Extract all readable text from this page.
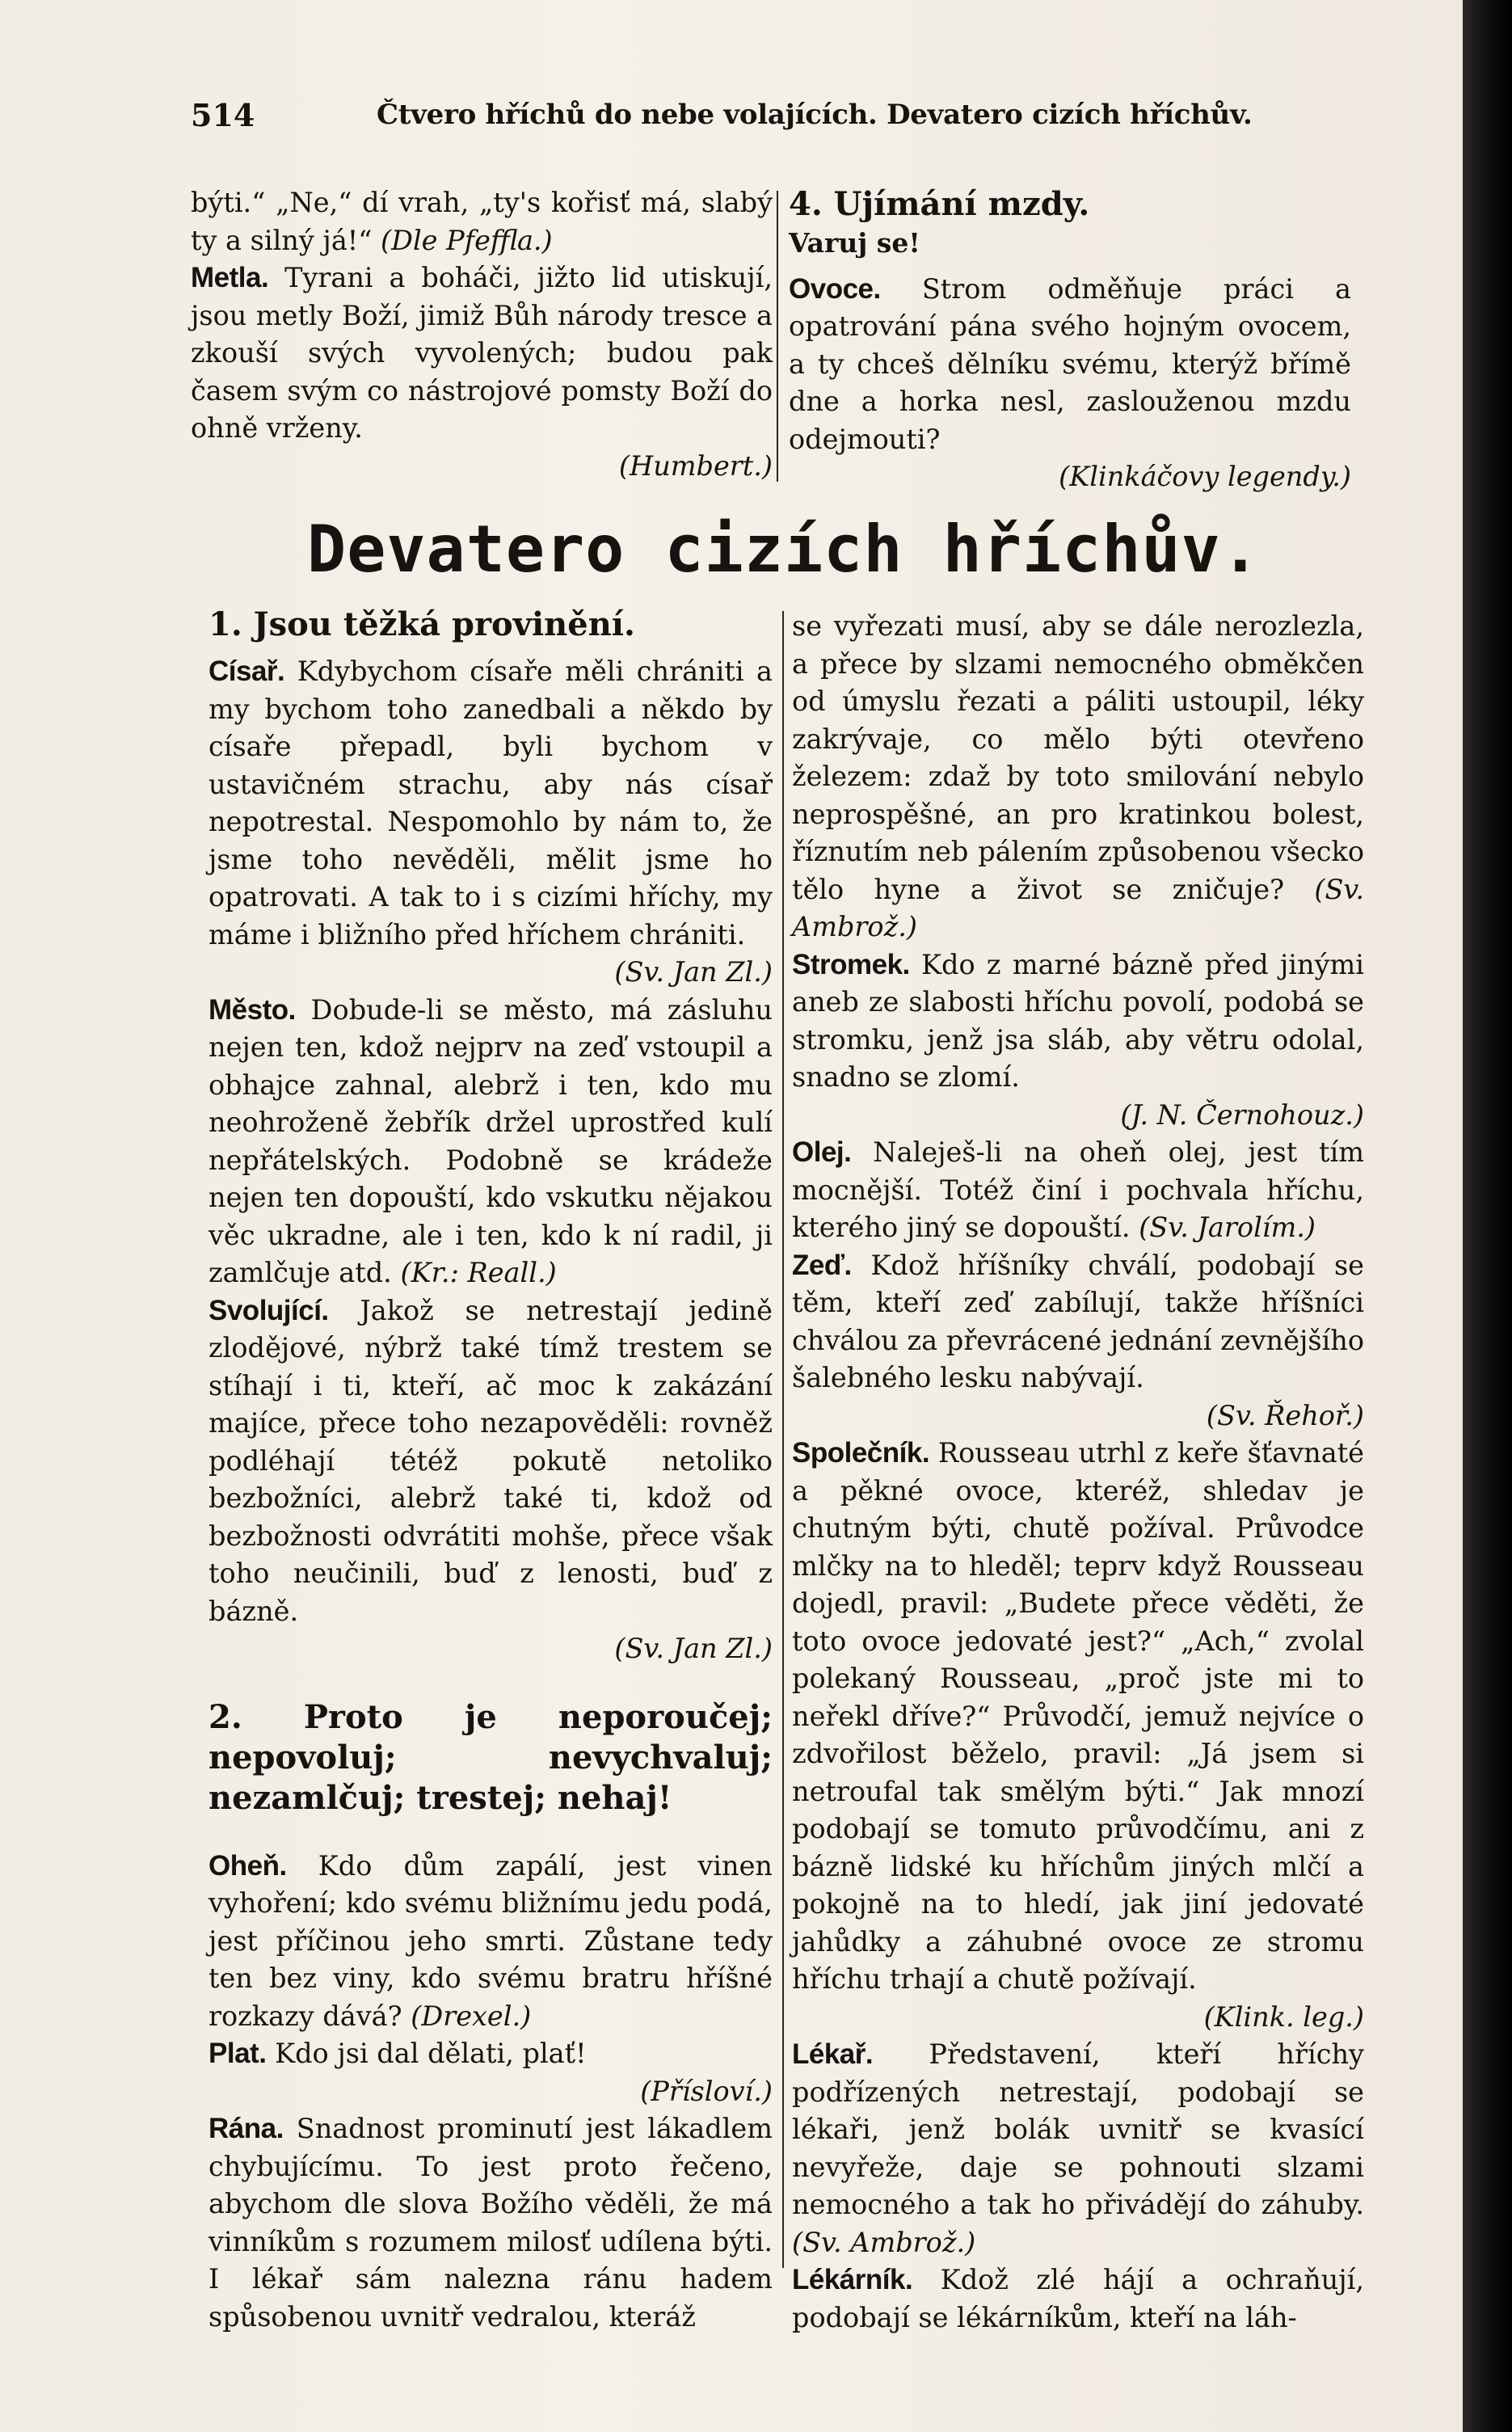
514	Čtvero hříchů do nebe volajících. Devatero cizích hříchův.

býti.“ „Ne,“ dí vrah, „ty's kořisť má, slabý ty a silný já!“ (Dle Pfeffla.)

Metla. Tyrani a boháči, jižto lid utiskují, jsou metly Boží, jimiž Bůh národy tresce a zkouší svých vyvolených; budou pak časem svým co nástrojové pomsty Boží do ohně vrženy.

(Humbert.)

4. Ujímání mzdy.

Varuj se!

Ovoce. Strom odměňuje práci a opatrování pána svého hojným ovocem, a ty chceš dělníku svému, kterýž břímě dne a horka nesl, zaslouženou mzdu odejmouti?

(Klinkáčovy legendy.)

Devatero cizích hříchův.

1. Jsou těžká provinění.

Císař. Kdybychom císaře měli chrániti a my bychom toho zanedbali a někdo by císaře přepadl, byli bychom v ustavičném strachu, aby nás císař nepotrestal. Nespomohlo by nám to, že jsme toho nevěděli, mělit jsme ho opatrovati. A tak to i s cizími hříchy, my máme i bližního před hříchem chrániti.

(Sv. Jan Zl.)

Město. Dobude-li se město, má zásluhu nejen ten, kdož nejprv na zeď vstoupil a obhajce zahnal, alebrž i ten, kdo mu neohroženě žebřík držel uprostřed kulí nepřátelských. Podobně se krádeže nejen ten dopouští, kdo vskutku nějakou věc ukradne, ale i ten, kdo k ní radil, ji zamlčuje atd. (Kr.: Reall.)

Svolující. Jakož se netrestají jedině zlodějové, nýbrž také tímž trestem se stíhají i ti, kteří, ač moc k zakázání majíce, přece toho nezapověděli: rovněž podléhají tétéž pokutě netoliko bezbožníci, alebrž také ti, kdož od bezbožnosti odvrátiti mohše, přece však toho neučinili, buď z lenosti, buď z bázně.

(Sv. Jan Zl.)

2. Proto je neporoučej; nepovoluj; nevychvaluj; nezamlčuj; trestej; nehaj!

Oheň. Kdo dům zapálí, jest vinen vyhoření; kdo svému bližnímu jedu podá, jest příčinou jeho smrti. Zůstane tedy ten bez viny, kdo svému bratru hříšné rozkazy dává? (Drexel.)

Plat. Kdo jsi dal dělati, plať!

(Přísloví.)

Rána. Snadnost prominutí jest lákadlem chybujícímu. To jest proto řečeno, abychom dle slova Božího věděli, že má vinníkům s rozumem milosť udílena býti. I lékař sám nalezna ránu hadem spůsobenou uvnitř vedralou, kteráž

se vyřezati musí, aby se dále nerozlezla, a přece by slzami nemocného obměkčen od úmyslu řezati a páliti ustoupil, léky zakrývaje, co mělo býti otevřeno železem: zdaž by toto smilování nebylo neprospěšné, an pro kratinkou bolest, říznutím neb pálením způsobenou všecko tělo hyne a život se zničuje? (Sv. Ambrož.)

Stromek. Kdo z marné bázně před jinými aneb ze slabosti hříchu povolí, podobá se stromku, jenž jsa sláb, aby větru odolal, snadno se zlomí.

(J. N. Černohouz.)

Olej. Naleješ-li na oheň olej, jest tím mocnější. Totéž činí i pochvala hříchu, kterého jiný se dopouští. (Sv. Jarolím.)

Zeď. Kdož hříšníky chválí, podobají se těm, kteří zeď zabílují, takže hříšníci chválou za převrácené jednání zevnějšího šalebného lesku nabývají.

(Sv. Řehoř.)

Společník. Rousseau utrhl z keře šťavnaté a pěkné ovoce, kteréž, shledav je chutným býti, chutě požíval. Průvodce mlčky na to hleděl; teprv když Rousseau dojedl, pravil: „Budete přece věděti, že toto ovoce jedovaté jest?“ „Ach,“ zvolal polekaný Rousseau, „proč jste mi to neřekl dříve?“ Průvodčí, jemuž nejvíce o zdvořilost běželo, pravil: „Já jsem si netroufal tak smělým býti.“ Jak mnozí podobají se tomuto průvodčímu, ani z bázně lidské ku hříchům jiných mlčí a pokojně na to hledí, jak jiní jedovaté jahůdky a záhubné ovoce ze stromu hříchu trhají a chutě požívají.

(Klink. leg.)

Lékař. Představení, kteří hříchy podřízených netrestají, podobají se lékaři, jenž bolák uvnitř se kvasící nevyřeže, daje se pohnouti slzami nemocného a tak ho přivádějí do záhuby. (Sv. Ambrož.)

Lékárník. Kdož zlé hájí a ochraňují, podobají se lékárníkům, kteří na láh-
